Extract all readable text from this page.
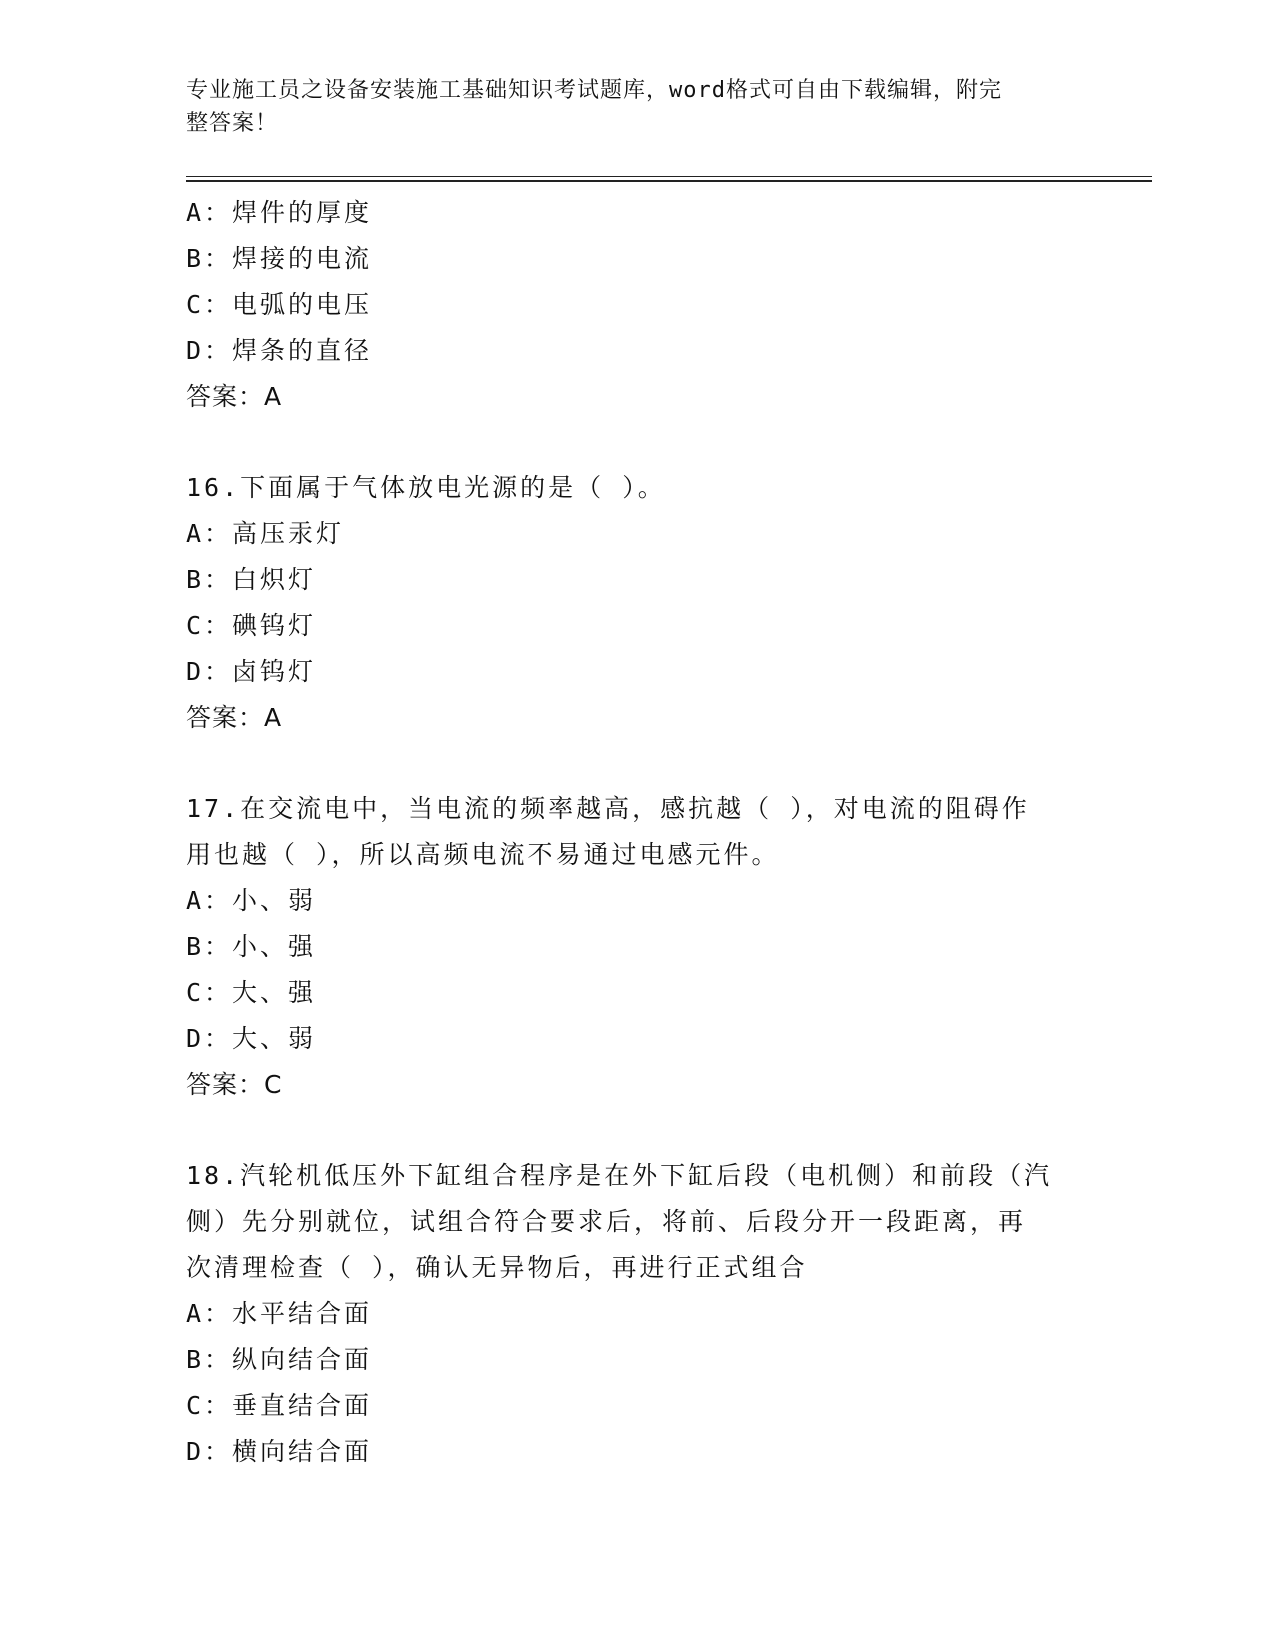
专业施工员之设备安装施工基础知识考试题库，word格式可自由下载编辑，附完
整答案！
A：焊件的厚度
B：焊接的电流
C：电弧的电压
D：焊条的直径
答案：A
16.下面属于气体放电光源的是（ ）。
A：高压汞灯
B：白炽灯
C：碘钨灯
D：卤钨灯
答案：A
17.在交流电中，当电流的频率越高，感抗越（ ），对电流的阻碍作
用也越（ ），所以高频电流不易通过电感元件。
A：小、弱
B：小、强
C：大、强
D：大、弱
答案：C
18.汽轮机低压外下缸组合程序是在外下缸后段（电机侧）和前段（汽
侧）先分别就位，试组合符合要求后，将前、后段分开一段距离，再
次清理检查（ ），确认无异物后，再进行正式组合
A：水平结合面
B：纵向结合面
C：垂直结合面
D：横向结合面
